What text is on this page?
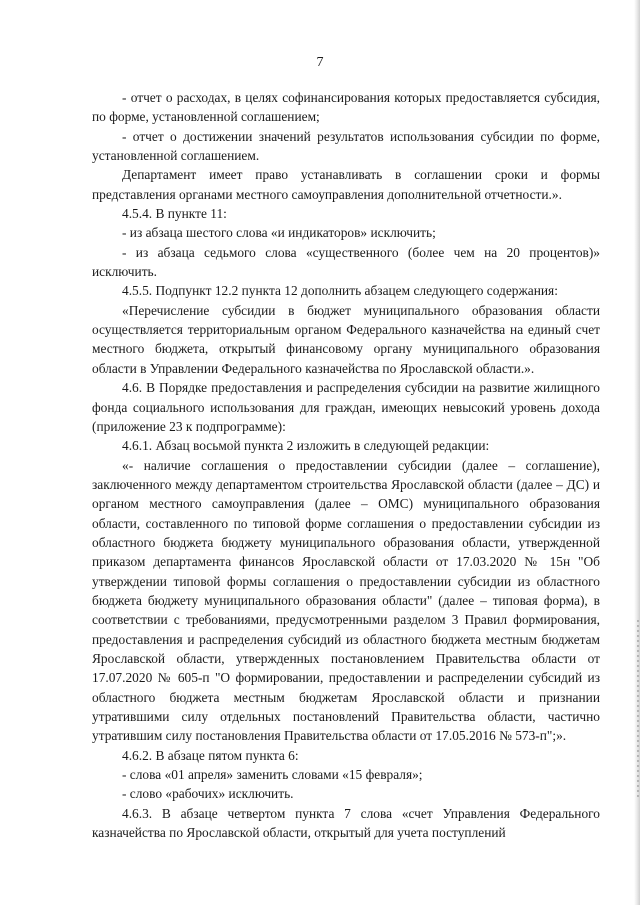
7

- отчет о расходах, в целях софинансирования которых предоставляется субсидия, по форме, установленной соглашением;

- отчет о достижении значений результатов использования субсидии по форме, установленной соглашением.

Департамент имеет право устанавливать в соглашении сроки и формы представления органами местного самоуправления дополнительной отчетности.».

4.5.4. В пункте 11:

- из абзаца шестого слова «и индикаторов» исключить;

- из абзаца седьмого слова «существенного (более чем на 20 процентов)» исключить.

4.5.5. Подпункт 12.2 пункта 12 дополнить абзацем следующего содержания:

«Перечисление субсидии в бюджет муниципального образования области осуществляется территориальным органом Федерального казначейства на единый счет местного бюджета, открытый финансовому органу муниципального образования области в Управлении Федерального казначейства по Ярославской области.».

4.6. В Порядке предоставления и распределения субсидии на развитие жилищного фонда социального использования для граждан, имеющих невысокий уровень дохода (приложение 23 к подпрограмме):

4.6.1. Абзац восьмой пункта 2 изложить в следующей редакции:

«- наличие соглашения о предоставлении субсидии (далее – соглашение), заключенного между департаментом строительства Ярославской области (далее – ДС) и органом местного самоуправления (далее – ОМС) муниципального образования области, составленного по типовой форме соглашения о предоставлении субсидии из областного бюджета бюджету муниципального образования области, утвержденной приказом департамента финансов Ярославской области от 17.03.2020 № 15н "Об утверждении типовой формы соглашения о предоставлении субсидии из областного бюджета бюджету муниципального образования области" (далее – типовая форма), в соответствии с требованиями, предусмотренными разделом 3 Правил формирования, предоставления и распределения субсидий из областного бюджета местным бюджетам Ярославской области, утвержденных постановлением Правительства области от 17.07.2020 № 605-п "О формировании, предоставлении и распределении субсидий из областного бюджета местным бюджетам Ярославской области и признании утратившими силу отдельных постановлений Правительства области, частично утратившим силу постановления Правительства области от 17.05.2016 № 573-п";».

4.6.2. В абзаце пятом пункта 6:

- слова «01 апреля» заменить словами «15 февраля»;

- слово «рабочих» исключить.

4.6.3. В абзаце четвертом пункта 7 слова «счет Управления Федерального казначейства по Ярославской области, открытый для учета поступлений
